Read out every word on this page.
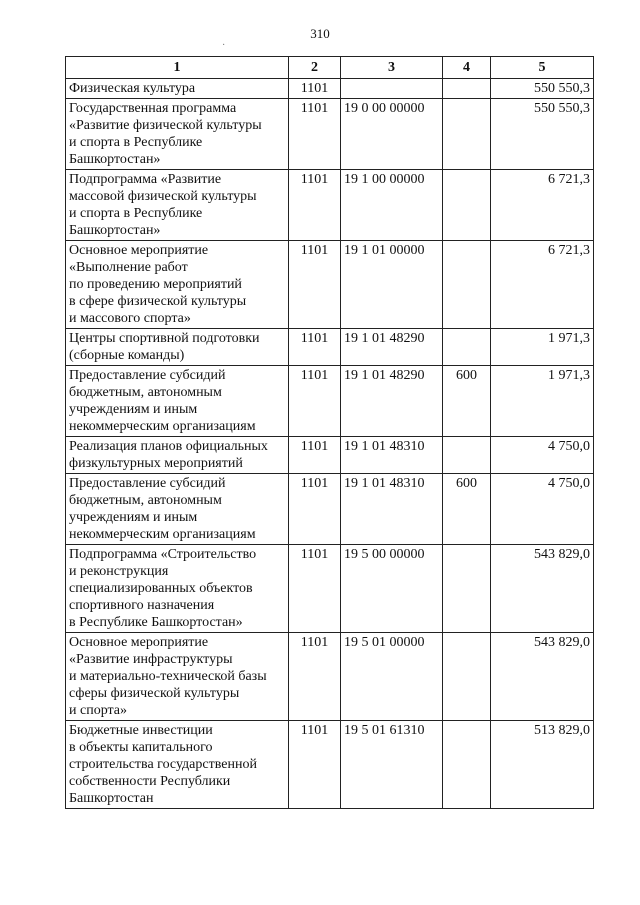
310
·
1	2	3	4	5
Физическая культура	1101			550 550,3
Государственная программа
«Развитие физической культуры
и спорта в Республике
Башкортостан»	1101	19 0 00 00000		550 550,3
Подпрограмма «Развитие
массовой физической культуры
и спорта в Республике
Башкортостан»	1101	19 1 00 00000		6 721,3
Основное мероприятие
«Выполнение работ
по проведению мероприятий
в сфере физической культуры
и массового спорта»	1101	19 1 01 00000		6 721,3
Центры спортивной подготовки
(сборные команды)	1101	19 1 01 48290		1 971,3
Предоставление субсидий
бюджетным, автономным
учреждениям и иным
некоммерческим организациям	1101	19 1 01 48290	600	1 971,3
Реализация планов официальных
физкультурных мероприятий	1101	19 1 01 48310		4 750,0
Предоставление субсидий
бюджетным, автономным
учреждениям и иным
некоммерческим организациям	1101	19 1 01 48310	600	4 750,0
Подпрограмма «Строительство
и реконструкция
специализированных объектов
спортивного назначения
в Республике Башкортостан»	1101	19 5 00 00000		543 829,0
Основное мероприятие
«Развитие инфраструктуры
и материально-технической базы
сферы физической культуры
и спорта»	1101	19 5 01 00000		543 829,0
Бюджетные инвестиции
в объекты капитального
строительства государственной
собственности Республики
Башкортостан	1101	19 5 01 61310		513 829,0
